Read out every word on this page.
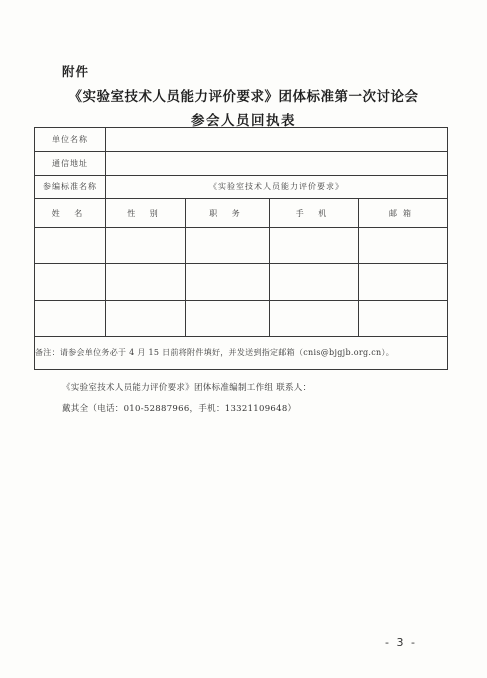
附件
《实验室技术人员能力评价要求》团体标准第一次讨论会
参会人员回执表
单位名称				
通信地址				
参编标准名称	《实验室技术人员能力评价要求》			
姓 名	性 别	职 务	手 机	邮箱

备注：请参会单位务必于 4 月 15 日前将附件填好，并发送到指定邮箱（cnis@bjgjb.org.cn）。				
《实验室技术人员能力评价要求》团体标准编制工作组 联系人：
戴其全（电话：010-52887966，手机：13321109648）
- 3 -
